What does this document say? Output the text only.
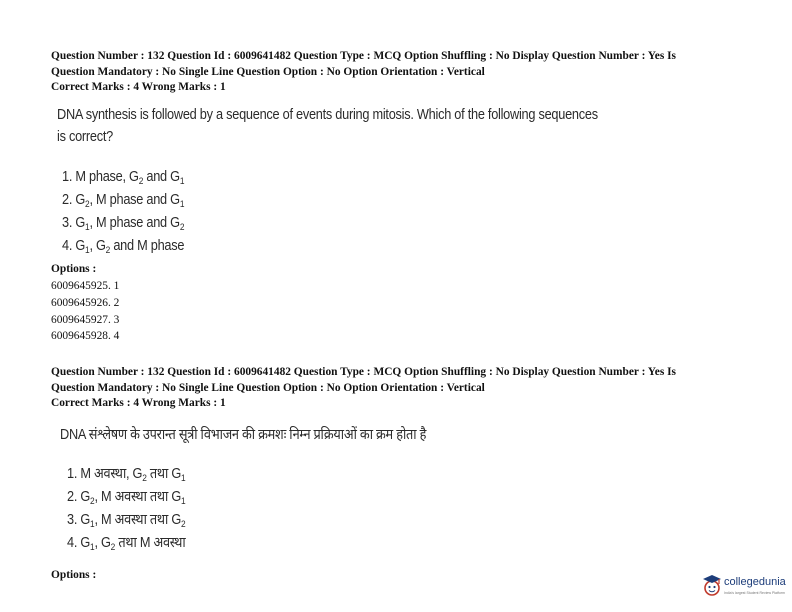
Question Number : 132 Question Id : 6009641482 Question Type : MCQ Option Shuffling : No Display Question Number : Yes Is
Question Mandatory : No Single Line Question Option : No Option Orientation : Vertical
Correct Marks : 4 Wrong Marks : 1
DNA synthesis is followed by a sequence of events during mitosis. Which of the following sequences
is correct?
1. M phase, $G_2$ and $G_1$
2. $G_2$, M phase and $G_1$
3. $G_1$, M phase and $G_2$
4. $G_1$, $G_2$ and M phase
Options :
6009645925. 1
6009645926. 2
6009645927. 3
6009645928. 4
Question Number : 132 Question Id : 6009641482 Question Type : MCQ Option Shuffling : No Display Question Number : Yes Is
Question Mandatory : No Single Line Question Option : No Option Orientation : Vertical
Correct Marks : 4 Wrong Marks : 1
DNA संश्लेषण के उपरान्त सूत्री विभाजन की क्रमशः निम्न प्रक्रियाओं का क्रम होता है
1. M अवस्था, $G_2$ तथा $G_1$
2. $G_2$, M अवस्था तथा $G_1$
3. $G_1$, M अवस्था तथा $G_2$
4. $G_1$, $G_2$ तथा M अवस्था
Options :
collegedunia
India's largest Student Review Platform
